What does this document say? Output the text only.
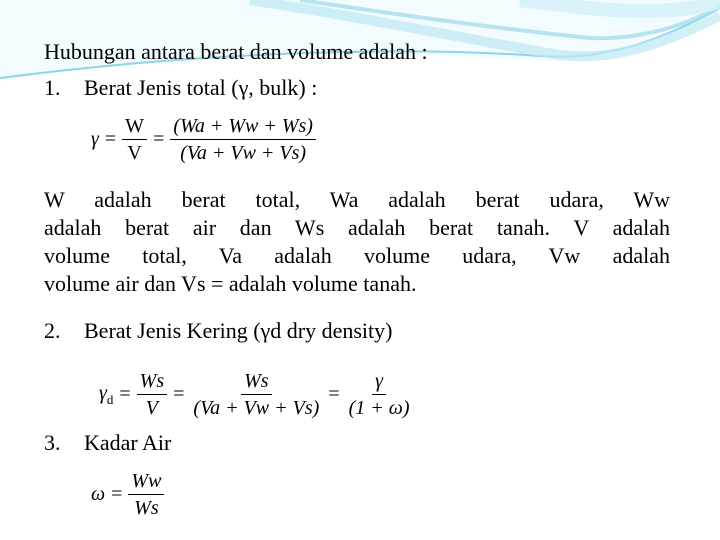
Hubungan antara berat dan volume adalah :
1. Berat Jenis total (γ, bulk) :
$\gamma = \frac{W}{V} = \frac{(Wa + Ww + Ws)}{(Va + Vw + Vs)}$
W adalah berat total, Wa adalah berat udara, Ww
adalah berat air dan Ws adalah berat tanah. V adalah
volume total, Va adalah volume udara, Vw adalah
volume air dan Vs = adalah volume tanah.
2. Berat Jenis Kering (γd dry density)
$\gamma_d = \frac{Ws}{V} = \frac{Ws}{(Va + Vw + Vs)} = \frac{\gamma}{(1 + \omega)}$
3. Kadar Air
$\omega = \frac{Ww}{Ws}$
